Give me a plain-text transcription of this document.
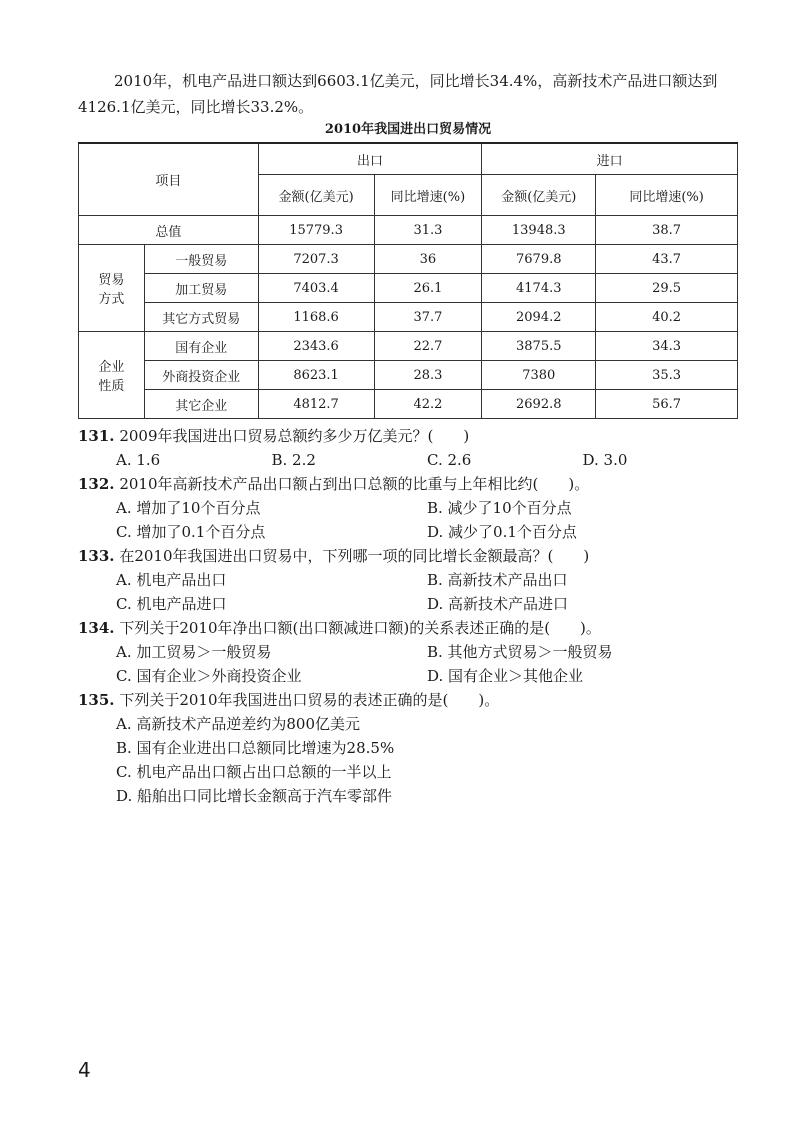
2010年，机电产品进口额达到6603.1亿美元，同比增长34.4%，高新技术产品进口额达到4126.1亿美元，同比增长33.2%。

2010年我国进出口贸易情况
项目		出口		进口	
		金额(亿美元)	同比增速(%)	金额(亿美元)	同比增速(%)
总值		15779.3	31.3	13948.3	38.7

贸易
方式	一般贸易	7207.3	36	7679.8	43.7
	加工贸易	7403.4	26.1	4174.3	29.5
	其它方式贸易	1168.6	37.7	2094.2	40.2

企业
性质	国有企业	2343.6	22.7	3875.5	34.3
	外商投资企业	8623.1	28.3	7380	35.3
	其它企业	4812.7	42.2	2692.8	56.7
131. 2009年我国进出口贸易总额约多少万亿美元？(　　)
A. 1.6	B. 2.2	C. 2.6	D. 3.0
132. 2010年高新技术产品出口额占到出口总额的比重与上年相比约(　　)。
A. 增加了10个百分点	B. 减少了10个百分点
C. 增加了0.1个百分点	D. 减少了0.1个百分点
133. 在2010年我国进出口贸易中，下列哪一项的同比增长金额最高？(　　)
A. 机电产品出口	B. 高新技术产品出口
C. 机电产品进口	D. 高新技术产品进口
134. 下列关于2010年净出口额(出口额减进口额)的关系表述正确的是(　　)。
A. 加工贸易＞一般贸易	B. 其他方式贸易＞一般贸易
C. 国有企业＞外商投资企业	D. 国有企业＞其他企业
135. 下列关于2010年我国进出口贸易的表述正确的是(　　)。
A. 高新技术产品逆差约为800亿美元
B. 国有企业进出口总额同比增速为28.5%
C. 机电产品出口额占出口总额的一半以上
D. 船舶出口同比增长金额高于汽车零部件
4
